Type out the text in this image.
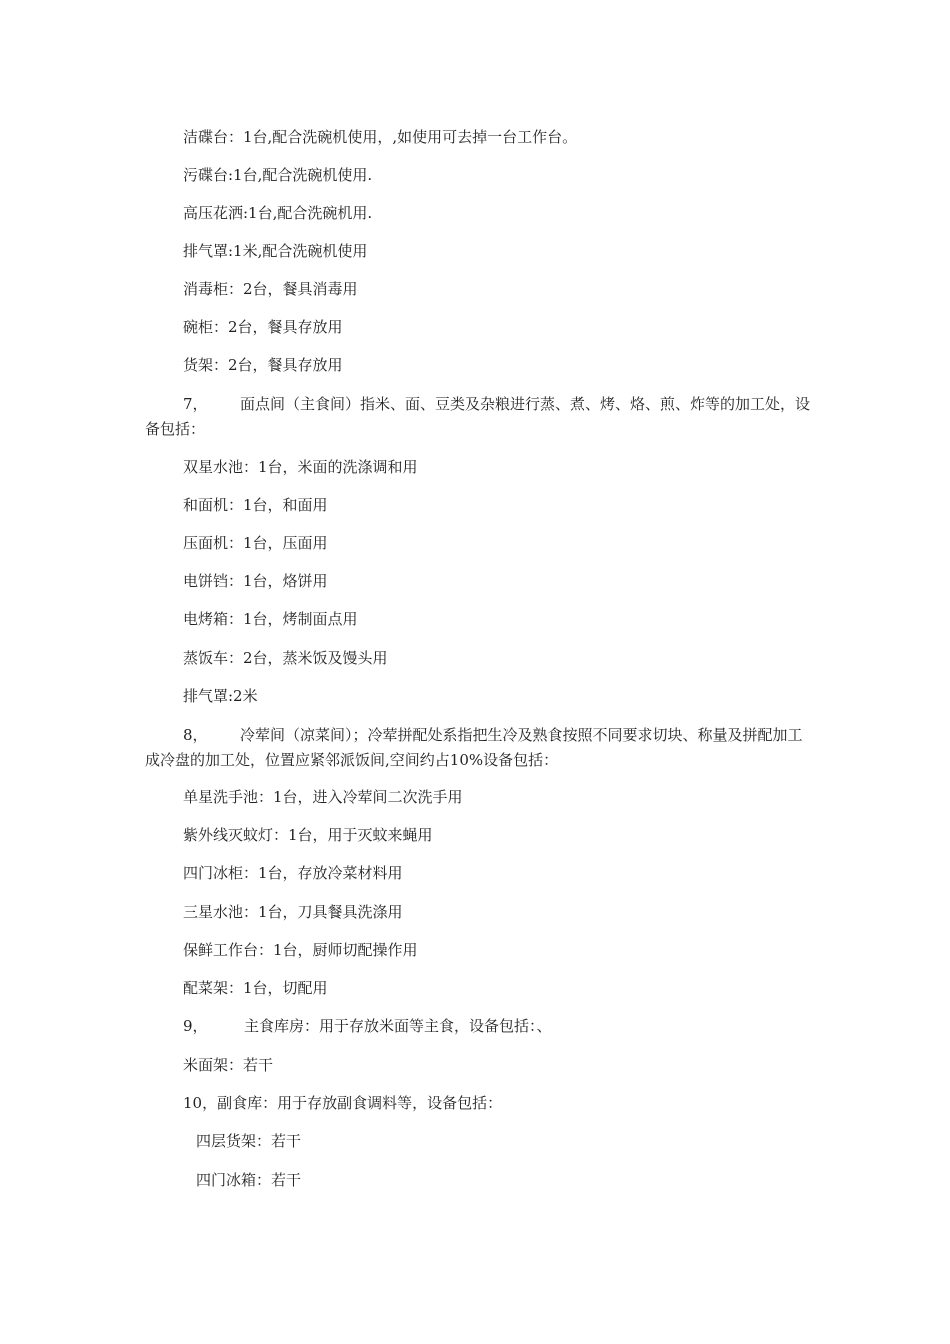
洁碟台：1台,配合洗碗机使用，,如使用可去掉一台工作台。
污碟台:1台,配合洗碗机使用.
高压花洒:1台,配合洗碗机用.
排气罩:1米,配合洗碗机使用
消毒柜：2台，餐具消毒用
碗柜：2台，餐具存放用
货架：2台，餐具存放用
7， 面点间（主食间）指米、面、豆类及杂粮进行蒸、煮、烤、烙、煎、炸等的加工处，设备包括：
双星水池：1台，米面的洗涤调和用
和面机：1台，和面用
压面机：1台，压面用
电饼铛：1台，烙饼用
电烤箱：1台，烤制面点用
蒸饭车：2台，蒸米饭及馒头用
排气罩:2米
8， 冷荤间（凉菜间）；冷荤拼配处系指把生冷及熟食按照不同要求切块、称量及拼配加工成冷盘的加工处，位置应紧邻派饭间,空间约占10%设备包括：
单星洗手池：1台，进入冷荤间二次洗手用
紫外线灭蚊灯：1台，用于灭蚊来蝇用
四门冰柜：1台，存放冷菜材料用
三星水池：1台，刀具餐具洗涤用
保鲜工作台：1台，厨师切配操作用
配菜架：1台，切配用
9， 主食库房：用于存放米面等主食，设备包括：、
米面架：若干
10，副食库：用于存放副食调料等，设备包括：
四层货架：若干
四门冰箱：若干
